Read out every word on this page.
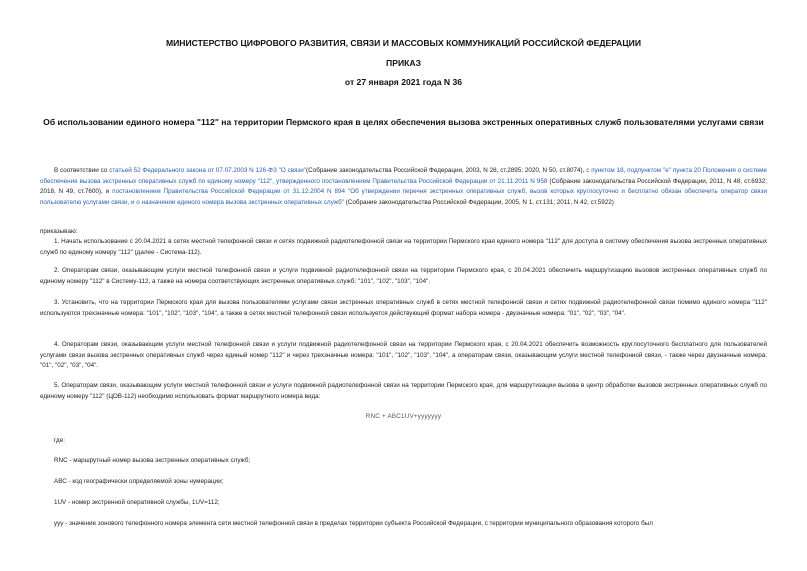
МИНИСТЕРСТВО ЦИФРОВОГО РАЗВИТИЯ, СВЯЗИ И МАССОВЫХ КОММУНИКАЦИЙ РОССИЙСКОЙ ФЕДЕРАЦИИ
ПРИКАЗ
от 27 января 2021 года N 36
Об использовании единого номера "112" на территории Пермского края в целях обеспечения вызова экстренных оперативных служб пользователями услугами связи
В соответствии со статьей 52 Федерального закона от 07.07.2003 N 126-ФЗ "О связи"(Собрание законодательства Российской Федерации, 2003, N 28, ст.2895; 2020, N 50, ст.8074), с пунктом 18, подпунктом "е" пункта 20 Положения о системе обеспечения вызова экстренных оперативных служб по единому номеру "112", утвержденного постановлением Правительства Российской Федерации от 21.11.2011 N 958 (Собрание законодательства Российской Федерации, 2011, N 48, ст.6932; 2018, N 49, ст.7600), и постановлением Правительства Российской Федерации от 31.12.2004 N 894 "Об утверждении перечня экстренных оперативных служб, вызов которых круглосуточно и бесплатно обязан обеспечить оператор связи пользователю услугами связи, и о назначении единого номера вызова экстренных оперативных служб" (Собрание законодательства Российской Федерации, 2005, N 1, ст.131; 2011, N 42, ст.5922)
приказываю:
1. Начать использование с 20.04.2021 в сетях местной телефонной связи и сетях подвижной радиотелефонной связи на территории Пермского края единого номера "112" для доступа в систему обеспечения вызова экстренных оперативных служб по единому номеру "112" (далее - Система-112).
2. Операторам связи, оказывающим услуги местной телефонной связи и услуги подвижной радиотелефонной связи на территории Пермского края, с 20.04.2021 обеспечить маршрутизацию вызовов экстренных оперативных служб по единому номеру "112" в Систему-112, а также на номера соответствующих экстренных оперативных служб: "101", "102", "103", "104".
3. Установить, что на территории Пермского края для вызова пользователями услугами связи экстренных оперативных служб в сетях местной телефонной связи и сетях подвижной радиотелефонной связи помимо единого номера "112" используются трехзначные номера: "101", "102", "103", "104", а также в сетях местной телефонной связи используется действующий формат набора номера - двузначные номера: "01", "02", "03", "04".
4. Операторам связи, оказывающим услуги местной телефонной связи и услуги подвижной радиотелефонной связи на территории Пермского края, с 20.04.2021 обеспечить возможность круглосуточного бесплатного для пользователей услугами связи вызова экстренных оперативных служб через единый номер "112" и через трехзначные номера: "101", "102", "103", "104", а операторам связи, оказывающим услуги местной телефонной связи, - также через двузначные номера: "01", "02", "03", "04".
5. Операторам связи, оказывающим услуги местной телефонной связи и услуги подвижной радиотелефонной связи на территории Пермского края, для маршрутизации вызова в центр обработки вызовов экстренных оперативных служб по единому номеру "112" (ЦОВ-112) необходимо использовать формат маршрутного номера вида:
RNC + ABC1UV+ууууууу
где:
RNC - маршрутный номер вызова экстренных оперативных служб;
АВС - код географически определяемой зоны нумерации;
1UV - номер экстренной оперативной службы, 1UV=112;
ууу - значение зонового телефонного номера элемента сети местной телефонной связи в пределах территории субъекта Российской Федерации, с территории муниципального образования которого был
